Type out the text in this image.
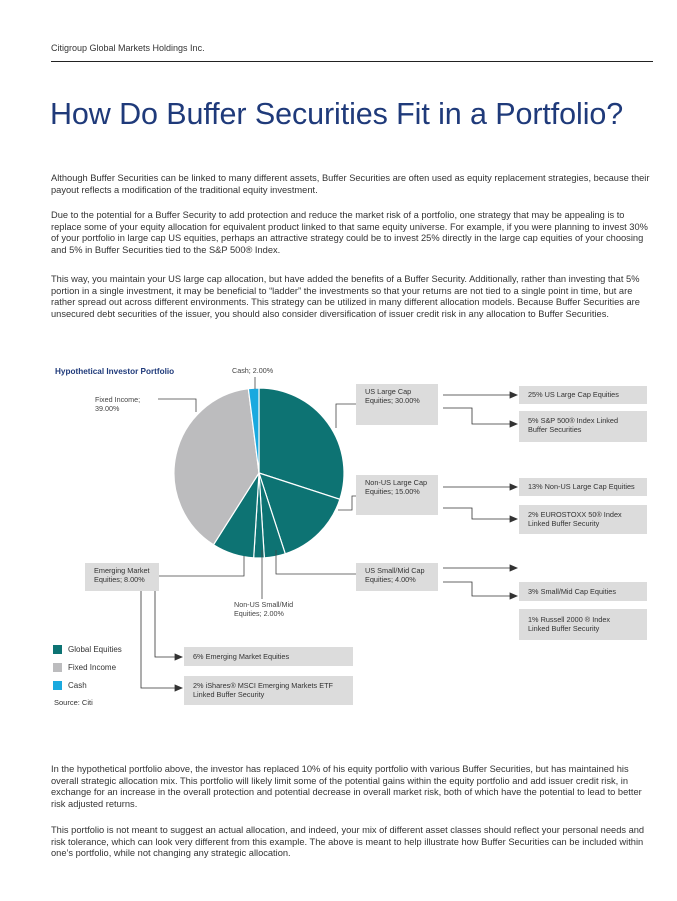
Citigroup Global Markets Holdings Inc.
How Do Buffer Securities Fit in a Portfolio?

Although Buffer Securities can be linked to many different assets, Buffer Securities are often used as equity replacement strategies, because their payout reflects a modification of the traditional equity investment.

Due to the potential for a Buffer Security to add protection and reduce the market risk of a portfolio, one strategy that may be appealing is to replace some of your equity allocation for equivalent product linked to that same equity universe. For example, if you were planning to invest 30% of your portfolio in large cap US equities, perhaps an attractive strategy could be to invest 25% directly in the large cap equities of your choosing and 5% in Buffer Securities tied to the S&P 500® Index.

This way, you maintain your US large cap allocation, but have added the benefits of a Buffer Security. Additionally, rather than investing that 5% portion in a single investment, it may be beneficial to “ladder” the investments so that your returns are not tied to a single point in time, but are rather spread out across different environments. This strategy can be utilized in many different allocation models. Because Buffer Securities are unsecured debt securities of the issuer, you should also consider diversification of issuer credit risk in any allocation to Buffer Securities.

Hypothetical Investor Portfolio
Fixed Income;
39.00%
Cash; 2.00%
US Large Cap
Equities; 30.00%
Non-US Large Cap
Equities; 15.00%
US Small/Mid Cap
Equities; 4.00%
Non-US Small/Mid
Equities; 2.00%
Emerging Market
Equities; 8.00%
25% US Large Cap Equities
5% S&P 500® Index Linked
Buffer Securities
13% Non-US Large Cap Equities
2% EUROSTOXX 50® Index
Linked Buffer Security
3% Small/Mid Cap Equities
1% Russell 2000 ® Index
Linked Buffer Security
6% Emerging Market Equities
2% iShares® MSCI Emerging Markets ETF
Linked Buffer Security
Global Equities
Fixed Income
Cash
Source: Citi

In the hypothetical portfolio above, the investor has replaced 10% of his equity portfolio with various Buffer Securities, but has maintained his overall strategic allocation mix. This portfolio will likely limit some of the potential gains within the equity portfolio and add issuer credit risk, in exchange for an increase in the overall protection and potential decrease in overall market risk, both of which have the potential to lead to better risk adjusted returns.

This portfolio is not meant to suggest an actual allocation, and indeed, your mix of different asset classes should reflect your personal needs and risk tolerance, which can look very different from this example. The above is meant to help illustrate how Buffer Securities can be included within one’s portfolio, while not changing any strategic allocation.
